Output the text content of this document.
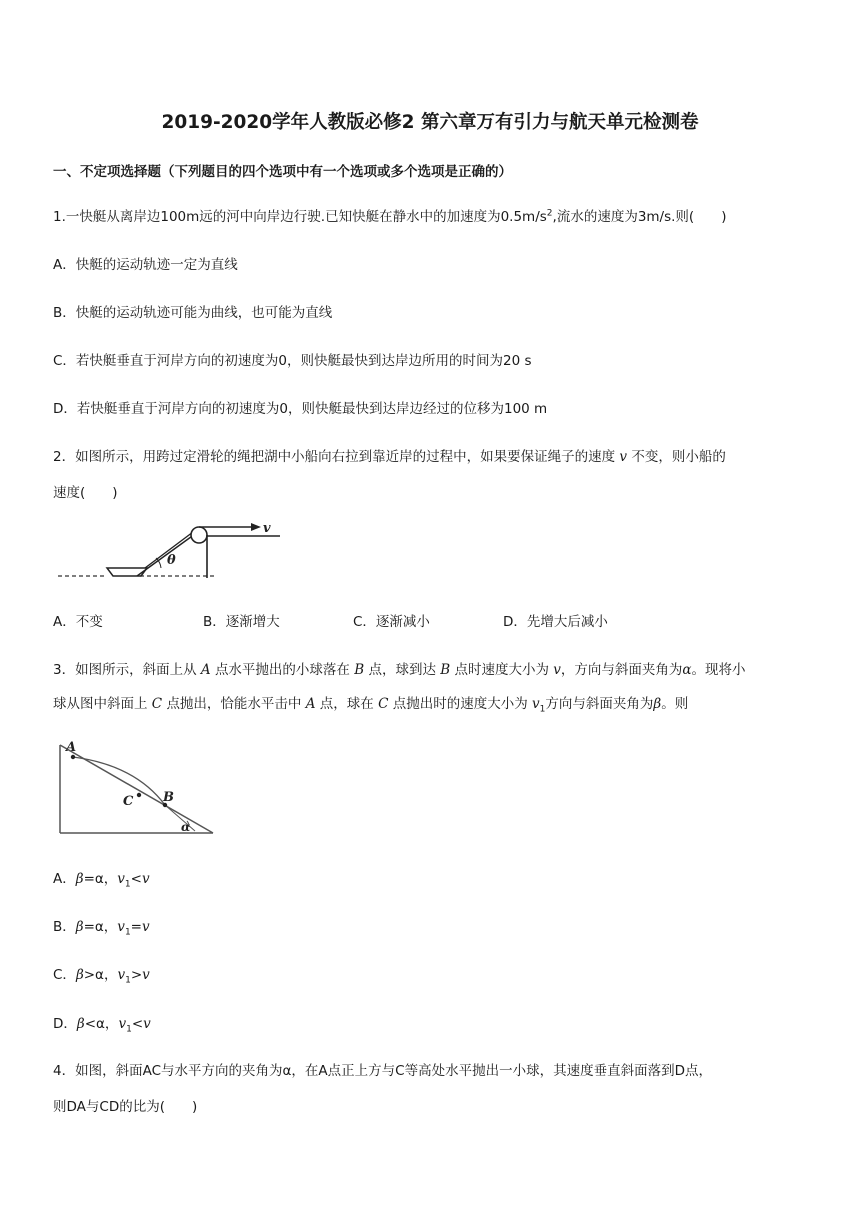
2019-2020学年人教版必修2 第六章万有引力与航天单元检测卷
一、不定项选择题（下列题目的四个选项中有一个选项或多个选项是正确的）
1.一快艇从离岸边100m远的河中向岸边行驶.已知快艇在静水中的加速度为$0.5m/s^2$,流水的速度为3m/s.则(　　)
A．快艇的运动轨迹一定为直线
B．快艇的运动轨迹可能为曲线，也可能为直线
C．若快艇垂直于河岸方向的初速度为0，则快艇最快到达岸边所用的时间为20 s
D．若快艇垂直于河岸方向的初速度为0，则快艇最快到达岸边经过的位移为100 m
2．如图所示，用跨过定滑轮的绳把湖中小船向右拉到靠近岸的过程中，如果要保证绳子的速度 v 不变，则小船的
速度(　　)
v
θ
A．不变	B．逐渐增大	C．逐渐减小	D．先增大后减小
3．如图所示，斜面上从 A 点水平抛出的小球落在 B 点，球到达 B 点时速度大小为 v，方向与斜面夹角为α。现将小
球从图中斜面上 C 点抛出，恰能水平击中 A 点，球在 C 点抛出时的速度大小为 $v_1$方向与斜面夹角为β。则
A
B
C
α
A．β=α，$v_1<v$
B．β=α，$v_1=v$
C．β>α，$v_1>v$
D．β<α，$v_1<v$
4．如图，斜面AC与水平方向的夹角为α，在A点正上方与C等高处水平抛出一小球，其速度垂直斜面落到D点，
则DA与CD的比为(　　)
